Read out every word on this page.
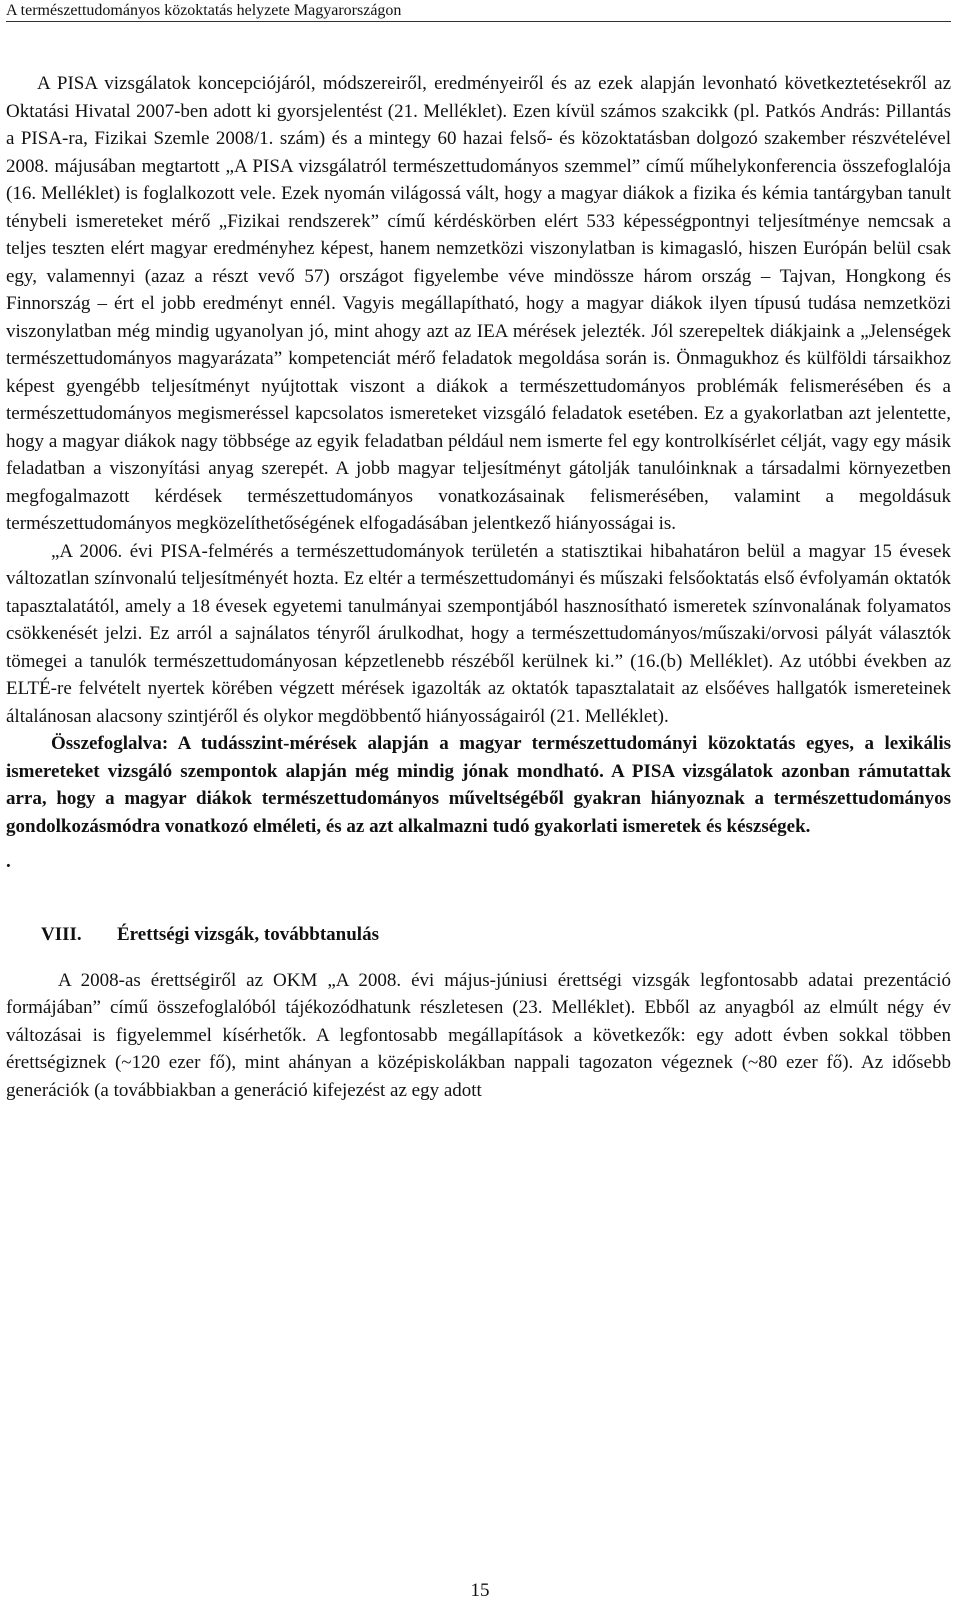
A természettudományos közoktatás helyzete Magyarországon

A PISA vizsgálatok koncepciójáról, módszereiről, eredményeiről és az ezek alapján levonható következtetésekről az Oktatási Hivatal 2007-ben adott ki gyorsjelentést (21. Melléklet). Ezen kívül számos szakcikk (pl. Patkós András: Pillantás a PISA-ra, Fizikai Szemle 2008/1. szám) és a mintegy 60 hazai felső- és közoktatásban dolgozó szakember részvételével 2008. májusában megtartott „A PISA vizsgálatról természettudományos szemmel” című műhelykonferencia összefoglalója (16. Melléklet) is foglalkozott vele. Ezek nyomán világossá vált, hogy a magyar diákok a fizika és kémia tantárgyban tanult ténybeli ismereteket mérő „Fizikai rendszerek” című kérdéskörben elért 533 képességpontnyi teljesítménye nemcsak a teljes teszten elért magyar eredményhez képest, hanem nemzetközi viszonylatban is kimagasló, hiszen Európán belül csak egy, valamennyi (azaz a részt vevő 57) országot figyelembe véve mindössze három ország – Tajvan, Hongkong és Finnország – ért el jobb eredményt ennél. Vagyis megállapítható, hogy a magyar diákok ilyen típusú tudása nemzetközi viszonylatban még mindig ugyanolyan jó, mint ahogy azt az IEA mérések jelezték. Jól szerepeltek diákjaink a „Jelenségek természettudományos magyarázata” kompetenciát mérő feladatok megoldása során is. Önmagukhoz és külföldi társaikhoz képest gyengébb teljesítményt nyújtottak viszont a diákok a természettudományos problémák felismerésében és a természettudományos megismeréssel kapcsolatos ismereteket vizsgáló feladatok esetében. Ez a gyakorlatban azt jelentette, hogy a magyar diákok nagy többsége az egyik feladatban például nem ismerte fel egy kontrolkísérlet célját, vagy egy másik feladatban a viszonyítási anyag szerepét. A jobb magyar teljesítményt gátolják tanulóinknak a társadalmi környezetben megfogalmazott kérdések természettudományos vonatkozásainak felismerésében, valamint a megoldásuk természettudományos megközelíthetőségének elfogadásában jelentkező hiányosságai is.

„A 2006. évi PISA-felmérés a természettudományok területén a statisztikai hibahatáron belül a magyar 15 évesek változatlan színvonalú teljesítményét hozta. Ez eltér a természettudományi és műszaki felsőoktatás első évfolyamán oktatók tapasztalatától, amely a 18 évesek egyetemi tanulmányai szempontjából hasznosítható ismeretek színvonalának folyamatos csökkenését jelzi. Ez arról a sajnálatos tényről árulkodhat, hogy a természettudományos/műszaki/orvosi pályát választók tömegei a tanulók természettudományosan képzetlenebb részéből kerülnek ki.” (16.(b) Melléklet). Az utóbbi években az ELTÉ-re felvételt nyertek körében végzett mérések igazolták az oktatók tapasztalatait az elsőéves hallgatók ismereteinek általánosan alacsony szintjéről és olykor megdöbbentő hiányosságairól (21. Melléklet).

Összefoglalva: A tudásszint-mérések alapján a magyar természettudományi közoktatás egyes, a lexikális ismereteket vizsgáló szempontok alapján még mindig jónak mondható. A PISA vizsgálatok azonban rámutattak arra, hogy a magyar diákok természettudományos műveltségéből gyakran hiányoznak a természettudományos gondolkozásmódra vonatkozó elméleti, és az azt alkalmazni tudó gyakorlati ismeretek és készségek.

.
VIII. Érettségi vizsgák, továbbtanulás

A 2008-as érettségiről az OKM „A 2008. évi május-júniusi érettségi vizsgák legfontosabb adatai prezentáció formájában” című összefoglalóból tájékozódhatunk részletesen (23. Melléklet). Ebből az anyagból az elmúlt négy év változásai is figyelemmel kísérhetők. A legfontosabb megállapítások a következők: egy adott évben sokkal többen érettségiznek (~120 ezer fő), mint ahányan a középiskolákban nappali tagozaton végeznek (~80 ezer fő). Az idősebb generációk (a továbbiakban a generáció kifejezést az egy adott

15
